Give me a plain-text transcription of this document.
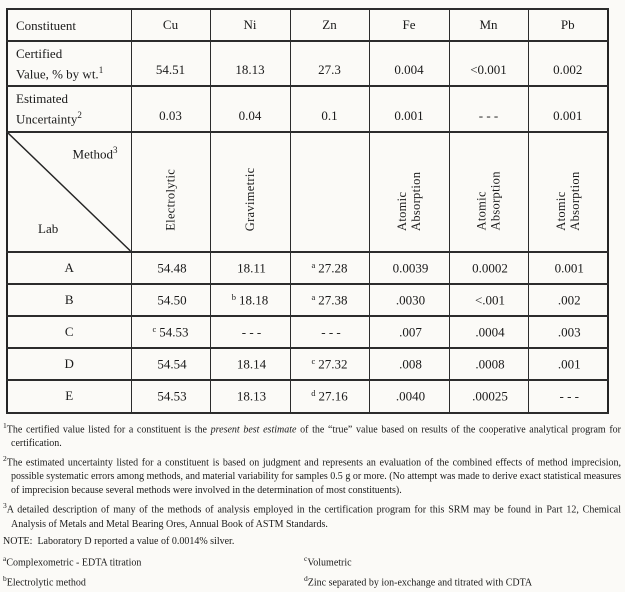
Constituent	Cu	Ni	Zn	Fe	Mn	Pb

Certified
Value, % by wt.$^1$	54.51	18.13	27.3	0.004	<0.001	0.002

Estimated
Uncertainty$^2$	0.03	0.04	0.1	0.001	- - -	0.001

Method$^3$
Lab	Electrolytic	Gravimetric		Atomic Absorption	Atomic Absorption	Atomic Absorption

A	54.48	18.11	$^a$ 27.28	0.0039	0.0002	0.001
B	54.50	$^b$ 18.18	$^a$ 27.38	.0030	<.001	.002
C	$^c$ 54.53	- - -	- - -	.007	.0004	.003
D	54.54	18.14	$^c$ 27.32	.008	.0008	.001
E	54.53	18.13	$^d$ 27.16	.0040	.00025	- - -
$^1$The certified value listed for a constituent is the present best estimate of the “true” value based on results of the cooperative analytical program for certification.
$^2$The estimated uncertainty listed for a constituent is based on judgment and represents an evaluation of the combined effects of method imprecision, possible systematic errors among methods, and material variability for samples 0.5 g or more. (No attempt was made to derive exact statistical measures of imprecision because several methods were involved in the determination of most constituents).
$^3$A detailed description of many of the methods of analysis employed in the certification program for this SRM may be found in Part 12, Chemical Analysis of Metals and Metal Bearing Ores, Annual Book of ASTM Standards.
NOTE:  Laboratory D reported a value of 0.0014% silver.
$^a$Complexometric - EDTA titration	$^c$Volumetric
$^b$Electrolytic method	$^d$Zinc separated by ion-exchange and titrated with CDTA
